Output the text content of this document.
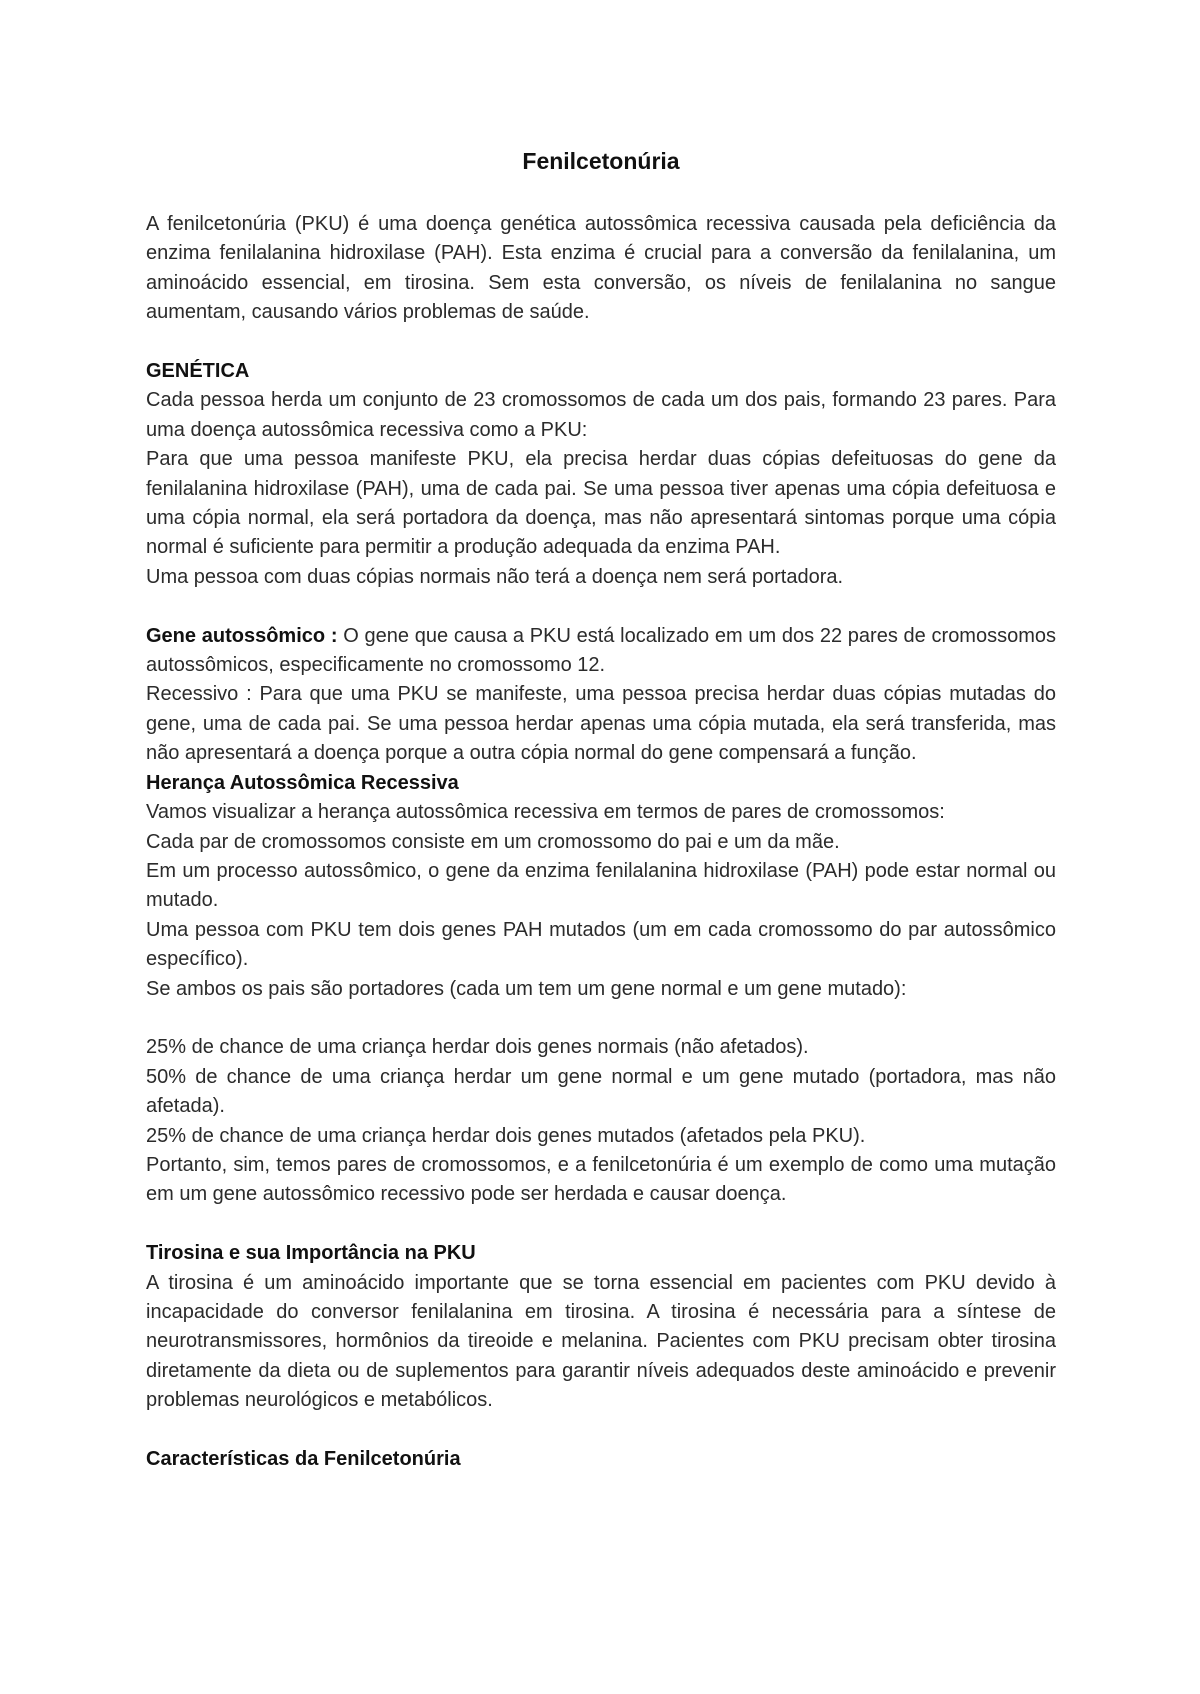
Fenilcetonúria

A fenilcetonúria (PKU) é uma doença genética autossômica recessiva causada pela deficiência da enzima fenilalanina hidroxilase (PAH). Esta enzima é crucial para a conversão da fenilalanina, um aminoácido essencial, em tirosina. Sem esta conversão, os níveis de fenilalanina no sangue aumentam, causando vários problemas de saúde.

GENÉTICA

Cada pessoa herda um conjunto de 23 cromossomos de cada um dos pais, formando 23 pares. Para uma doença autossômica recessiva como a PKU:

Para que uma pessoa manifeste PKU, ela precisa herdar duas cópias defeituosas do gene da fenilalanina hidroxilase (PAH), uma de cada pai. Se uma pessoa tiver apenas uma cópia defeituosa e uma cópia normal, ela será portadora da doença, mas não apresentará sintomas porque uma cópia normal é suficiente para permitir a produção adequada da enzima PAH.

Uma pessoa com duas cópias normais não terá a doença nem será portadora.

Gene autossômico : O gene que causa a PKU está localizado em um dos 22 pares de cromossomos autossômicos, especificamente no cromossomo 12.

Recessivo : Para que uma PKU se manifeste, uma pessoa precisa herdar duas cópias mutadas do gene, uma de cada pai. Se uma pessoa herdar apenas uma cópia mutada, ela será transferida, mas não apresentará a doença porque a outra cópia normal do gene compensará a função.

Herança Autossômica Recessiva

Vamos visualizar a herança autossômica recessiva em termos de pares de cromossomos:

Cada par de cromossomos consiste em um cromossomo do pai e um da mãe.

Em um processo autossômico, o gene da enzima fenilalanina hidroxilase (PAH) pode estar normal ou mutado.

Uma pessoa com PKU tem dois genes PAH mutados (um em cada cromossomo do par autossômico específico).

Se ambos os pais são portadores (cada um tem um gene normal e um gene mutado):

25% de chance de uma criança herdar dois genes normais (não afetados).

50% de chance de uma criança herdar um gene normal e um gene mutado (portadora, mas não afetada).

25% de chance de uma criança herdar dois genes mutados (afetados pela PKU).

Portanto, sim, temos pares de cromossomos, e a fenilcetonúria é um exemplo de como uma mutação em um gene autossômico recessivo pode ser herdada e causar doença.

Tirosina e sua Importância na PKU

A tirosina é um aminoácido importante que se torna essencial em pacientes com PKU devido à incapacidade do conversor fenilalanina em tirosina. A tirosina é necessária para a síntese de neurotransmissores, hormônios da tireoide e melanina. Pacientes com PKU precisam obter tirosina diretamente da dieta ou de suplementos para garantir níveis adequados deste aminoácido e prevenir problemas neurológicos e metabólicos.

Características da Fenilcetonúria
